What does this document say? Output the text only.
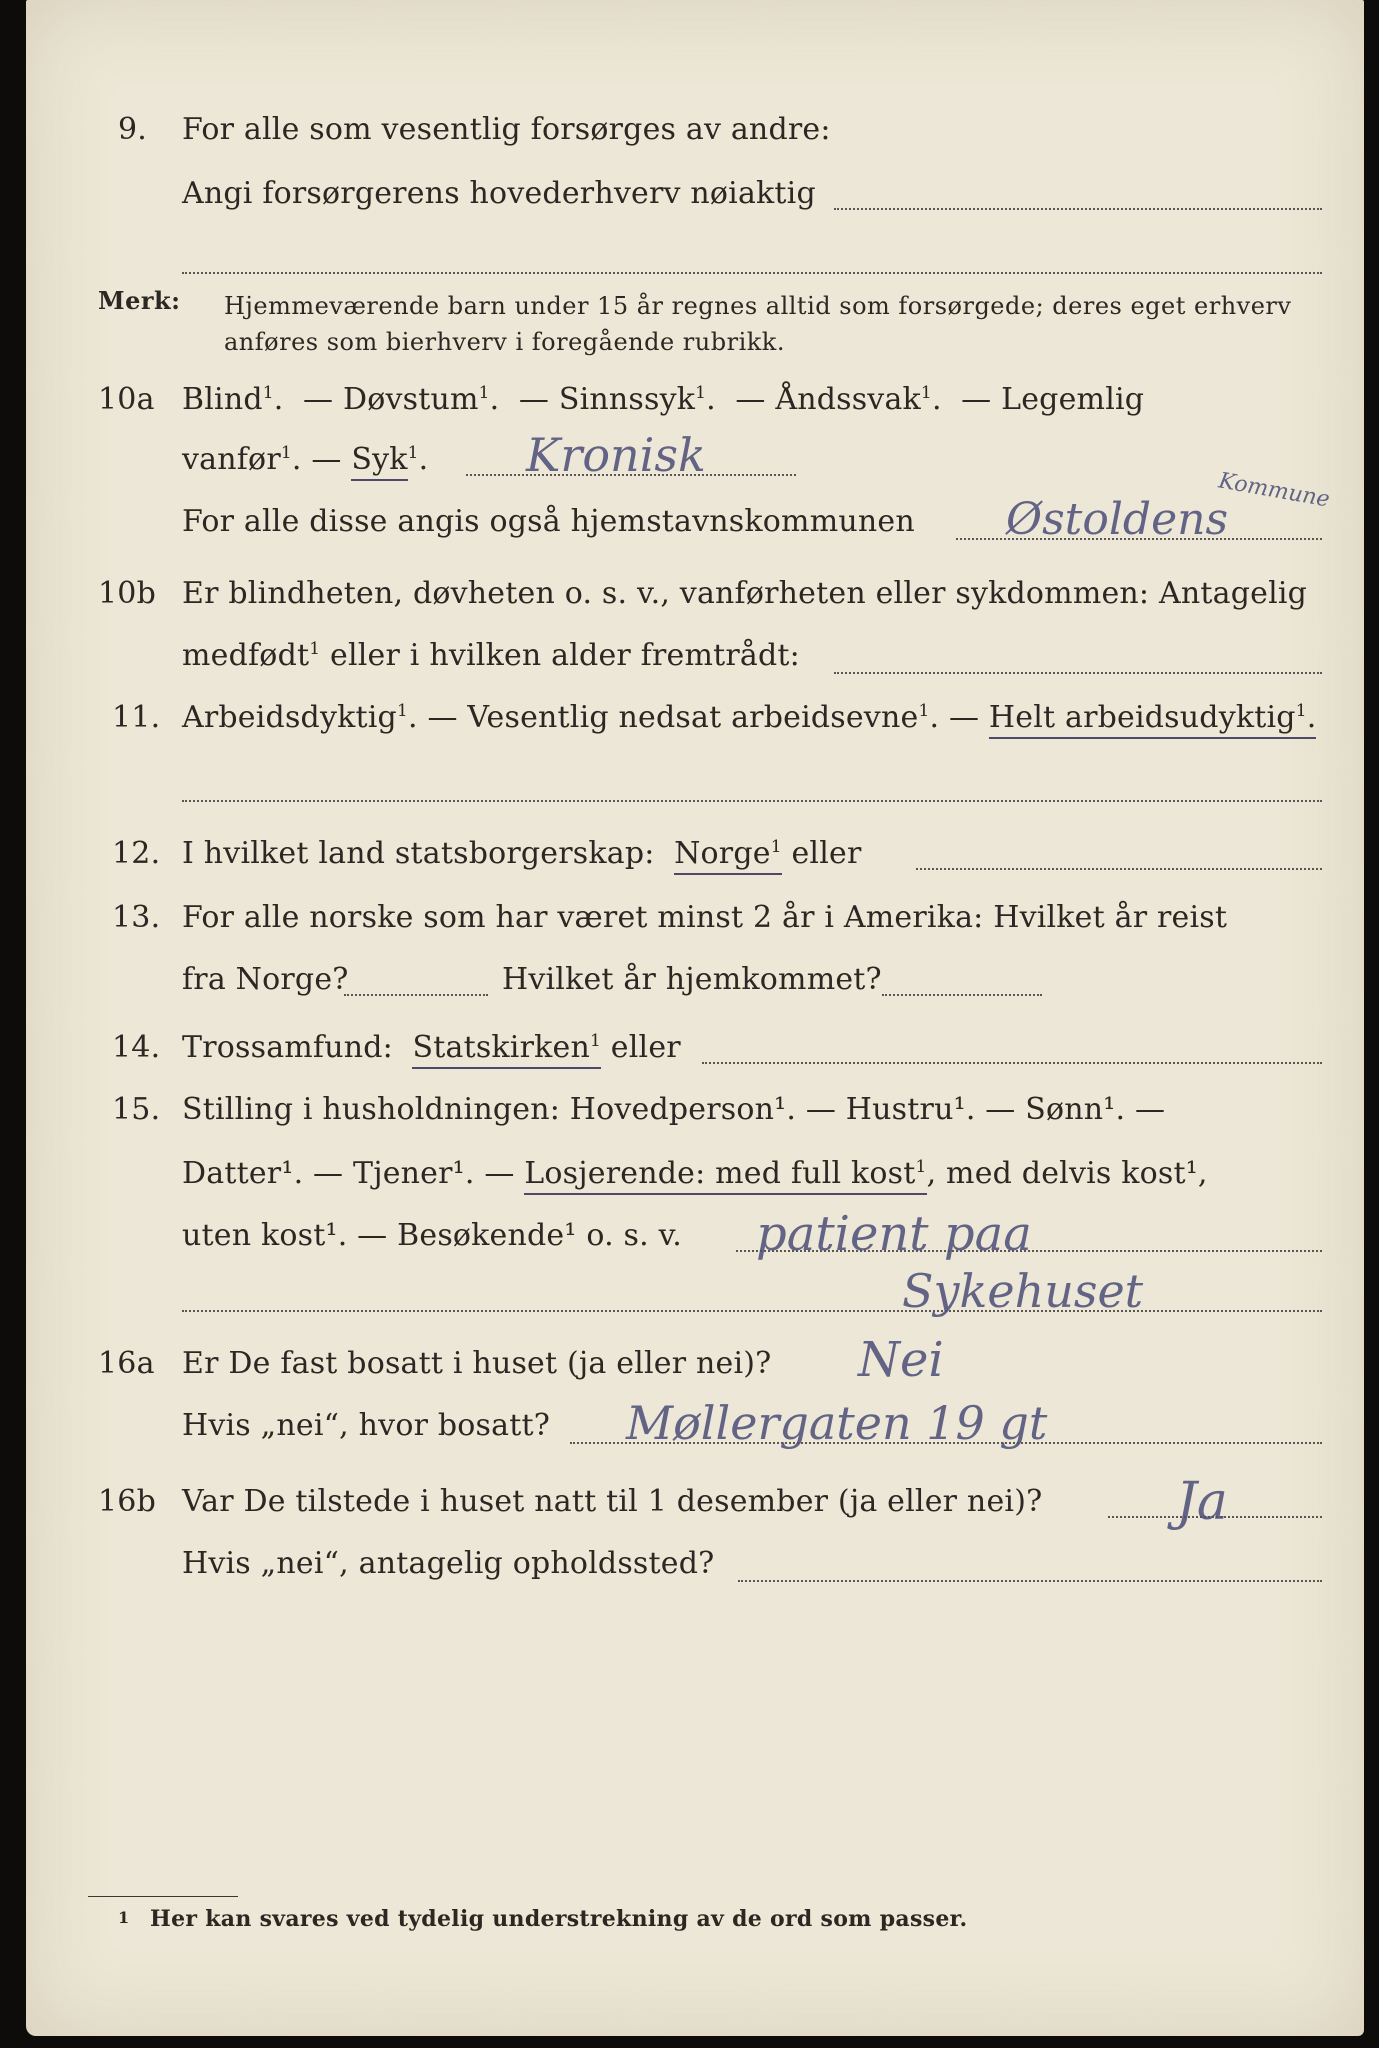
9. For alle som vesentlig forsørges av andre:
Angi forsørgerens hovederhverv nøiaktig
Merk: Hjemmeværende barn under 15 år regnes alltid som forsørgede; deres eget erhverv
anføres som bierhverv i foregående rubrikk.
10a Blind$^1$.  — Døvstum$^1$.  — Sinnssyk$^1$.  — Åndssvak$^1$.  — Legemlig
vanfør$^1$. — Syk$^1$. Kronisk
For alle disse angis også hjemstavnskommunen Østoldens
Kommune
10b Er blindheten, døvheten o. s. v., vanførheten eller sykdommen: Antagelig
medfødt$^1$ eller i hvilken alder fremtrådt:
11. Arbeidsdyktig$^1$. — Vesentlig nedsat arbeidsevne$^1$. — Helt arbeidsudyktig$^1$.
12. I hvilket land statsborgerskap: Norge$^1$ eller
13. For alle norske som har været minst 2 år i Amerika: Hvilket år reist
fra Norge?	Hvilket år hjemkommet?
14. Trossamfund: Statskirken$^1$ eller
15. Stilling i husholdningen: Hovedperson¹. — Hustru¹. — Sønn¹. —
Datter¹. — Tjener¹. — Losjerende: med full kost$^1$, med delvis kost¹,
uten kost¹. — Besøkende¹ o. s. v. patient paa
Sykehuset
16a Er De fast bosatt i huset (ja eller nei)? Nei
Hvis „nei“, hvor bosatt? Møllergaten 19 gt
16b Var De tilstede i huset natt til 1 desember (ja eller nei)?	Ja
Hvis „nei“, antagelig opholdssted?
1 Her kan svares ved tydelig understrekning av de ord som passer.
